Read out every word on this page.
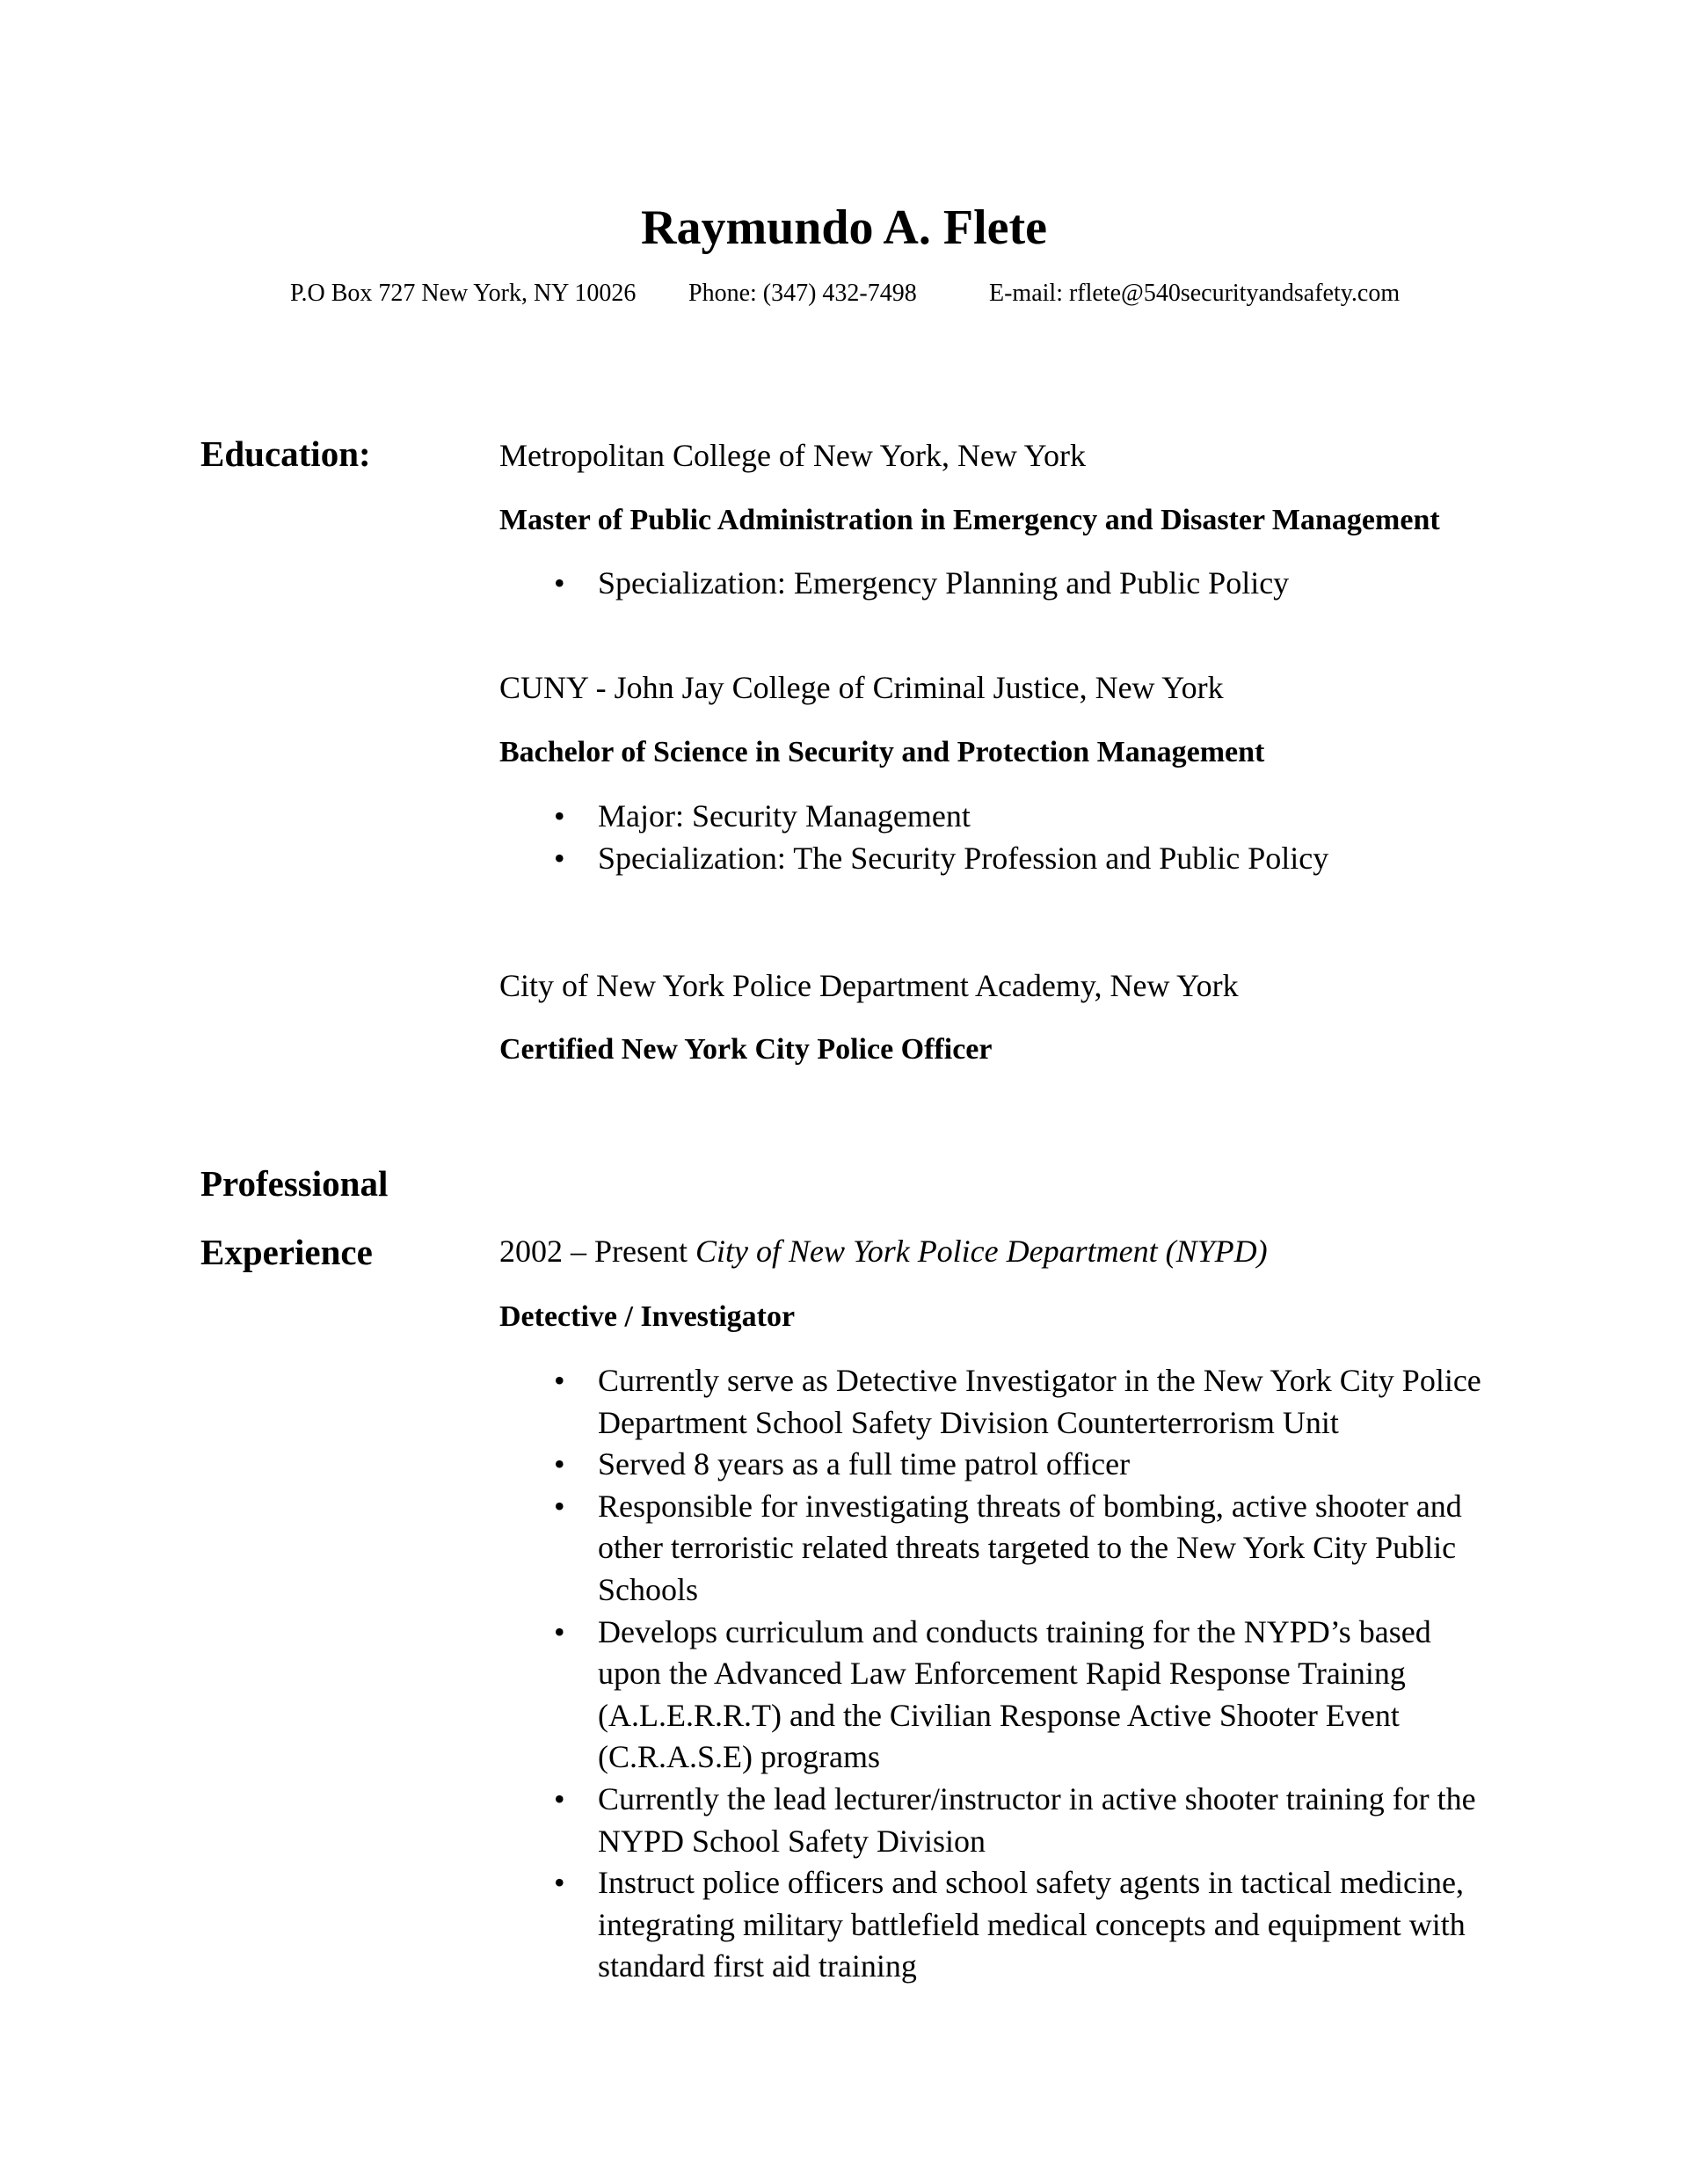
Raymundo A. Flete
P.O Box 727 New York, NY 10026 Phone: (347) 432-7498	E-mail: rflete@540securityandsafety.com
Education:	Metropolitan College of New York, New York
Master of Public Administration in Emergency and Disaster Management
• Specialization: Emergency Planning and Public Policy
CUNY - John Jay College of Criminal Justice, New York
Bachelor of Science in Security and Protection Management
• Major: Security Management
• Specialization: The Security Profession and Public Policy
City of New York Police Department Academy, New York
Certified New York City Police Officer
Professional
Experience	2002 – Present City of New York Police Department (NYPD)
Detective / Investigator
• Currently serve as Detective Investigator in the New York City Police Department School Safety Division Counterterrorism Unit
• Served 8 years as a full time patrol officer
• Responsible for investigating threats of bombing, active shooter and other terroristic related threats targeted to the New York City Public Schools
• Develops curriculum and conducts training for the NYPD’s based upon the Advanced Law Enforcement Rapid Response Training (A.L.E.R.R.T) and the Civilian Response Active Shooter Event (C.R.A.S.E) programs
• Currently the lead lecturer/instructor in active shooter training for the NYPD School Safety Division
• Instruct police officers and school safety agents in tactical medicine, integrating military battlefield medical concepts and equipment with standard first aid training
